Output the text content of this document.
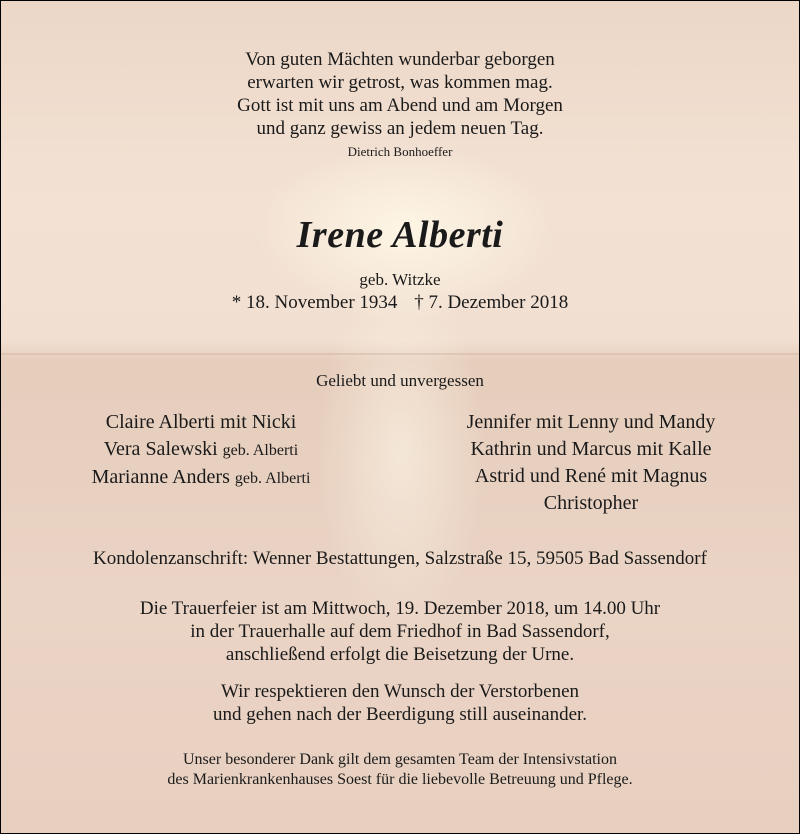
Von guten Mächten wunderbar geborgen
erwarten wir getrost, was kommen mag.
Gott ist mit uns am Abend und am Morgen
und ganz gewiss an jedem neuen Tag.
Dietrich Bonhoeffer
Irene Alberti
geb. Witzke
* 18. November 1934 † 7. Dezember 2018
Geliebt und unvergessen
Claire Alberti mit Nicki
Vera Salewski geb. Alberti
Marianne Anders geb. Alberti
Jennifer mit Lenny und Mandy
Kathrin und Marcus mit Kalle
Astrid und René mit Magnus
Christopher
Kondolenzanschrift: Wenner Bestattungen, Salzstraße 15, 59505 Bad Sassendorf
Die Trauerfeier ist am Mittwoch, 19. Dezember 2018, um 14.00 Uhr
in der Trauerhalle auf dem Friedhof in Bad Sassendorf,
anschließend erfolgt die Beisetzung der Urne.
Wir respektieren den Wunsch der Verstorbenen
und gehen nach der Beerdigung still auseinander.
Unser besonderer Dank gilt dem gesamten Team der Intensivstation
des Marienkrankenhauses Soest für die liebevolle Betreuung und Pflege.
